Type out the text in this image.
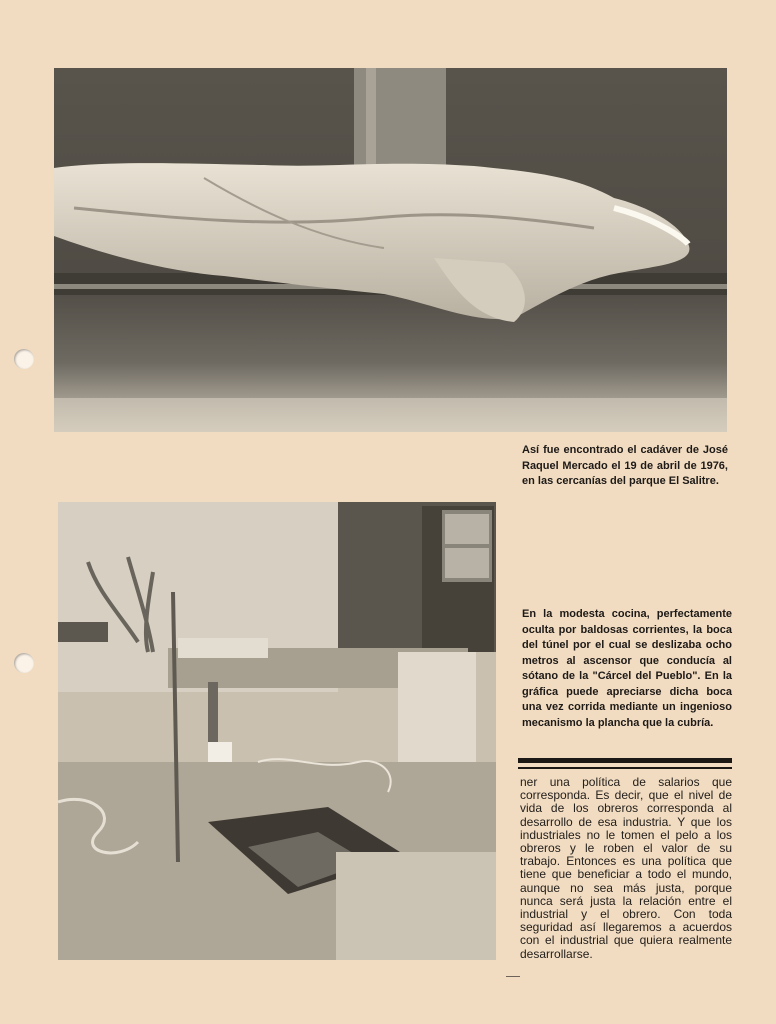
Así fue encontrado el cadáver de José Raquel Mercado el 19 de abril de 1976, en las cercanías del parque El Salitre.
En la modesta cocina, perfectamente oculta por baldosas corrientes, la boca del túnel por el cual se deslizaba ocho metros al ascensor que conducía al sótano de la "Cárcel del Pueblo". En la gráfica puede apreciarse dicha boca una vez corrida mediante un ingenioso mecanismo la plancha que la cubría.
ner una política de salarios que corresponda. Es decir, que el nivel de vida de los obreros corresponda al desarrollo de esa industria. Y que los industriales no le tomen el pelo a los obreros y le roben el valor de su trabajo. Entonces es una política que tiene que beneficiar a todo el mundo, aunque no sea más justa, porque nunca será justa la relación entre el industrial y el obrero. Con toda seguridad así llegaremos a acuerdos con el industrial que quiera realmente desarrollarse.
